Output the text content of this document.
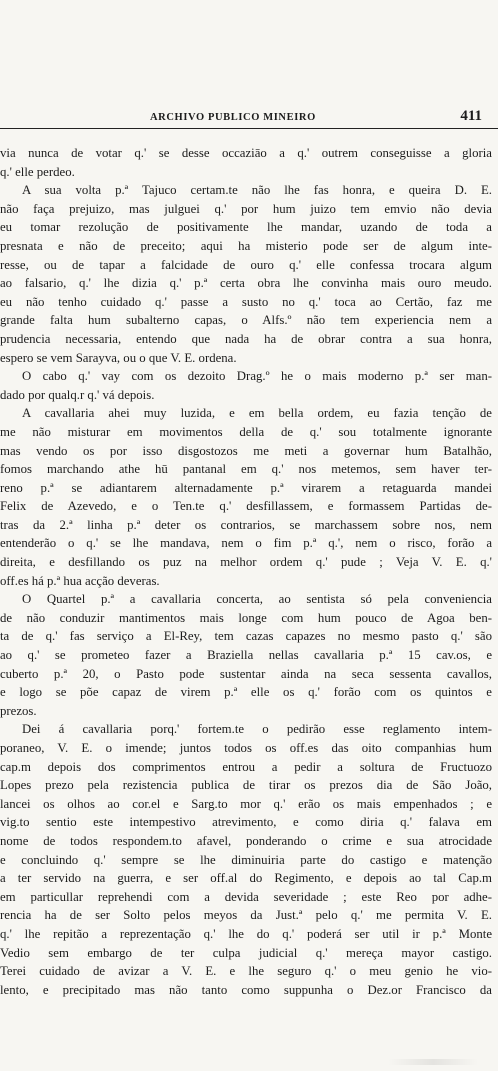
ARCHIVO PUBLICO MINEIRO	411
via nunca de votar q.' se desse occaziāo a q.' outrem conseguisse a gloria
q.' elle perdeo.
A sua volta p.ª Tajuco certam.te não lhe fas honra, e queira D. E.
não faça prejuizo, mas julguei q.' por hum juizo tem emvio não devia
eu tomar rezolução de positivamente lhe mandar, uzando de toda a
presnata e não de preceito; aqui ha misterio pode ser de algum inte-
resse, ou de tapar a falcidade de ouro q.' elle confessa trocara algum
ao falsario, q.' lhe dizia q.' p.ª certa obra lhe convinha mais ouro meudo.
eu não tenho cuidado q.' passe a susto no q.' toca ao Certão, faz me
grande falta hum subalterno capas, o Alfs.º não tem experiencia nem a
prudencia necessaria, entendo que nada ha de obrar contra a sua honra,
espero se vem Sarayva, ou o que V. E. ordena.
O cabo q.' vay com os dezoito Drag.º he o mais moderno p.ª ser man-
dado por qualq.r q.' vá depois.
A cavallaria ahei muy luzida, e em bella ordem, eu fazia tenção de
me não misturar em movimentos della de q.' sou totalmente ignorante
mas vendo os por isso disgostozos me meti a governar hum Batalhão,
fomos marchando athe hū pantanal em q.' nos metemos, sem haver ter-
reno p.ª se adiantarem alternadamente p.ª virarem a retaguarda mandei
Felix de Azevedo, e o Ten.te q.' desfillassem, e formassem Partidas de-
tras da 2.ª linha p.ª deter os contrarios, se marchassem sobre nos, nem
entenderão o q.' se lhe mandava, nem o fim p.ª q.', nem o risco, forão a
direita, e desfillando os puz na melhor ordem q.' pude ; Veja V. E. q.'
off.es há p.ª hua acção deveras.
O Quartel p.ª a cavallaria concerta, ao sentista só pela conveniencia
de não conduzir mantimentos mais longe com hum pouco de Agoa ben-
ta de q.' fas serviço a El-Rey, tem cazas capazes no mesmo pasto q.' são
ao q.' se prometeo fazer a Braziella nellas cavallaria p.ª 15 cav.os, e
cuberto p.ª 20, o Pasto pode sustentar ainda na seca sessenta cavallos,
e logo se põe capaz de virem p.ª elle os q.' forão com os quintos e
prezos.
Dei á cavallaria porq.' fortem.te o pedirão esse reglamento intem-
poraneo, V. E. o imende; juntos todos os off.es das oito companhias hum
cap.m depois dos comprimentos entrou a pedir a soltura de Fructuozo
Lopes prezo pela rezistencia publica de tirar os prezos dia de São João,
lancei os olhos ao cor.el e Sarg.to mor q.' erão os mais empenhados ; e
vig.to sentio este intempestivo atrevimento, e como diria q.' falava em
nome de todos respondem.to afavel, ponderando o crime e sua atrocidade
e concluindo q.' sempre se lhe diminuiria parte do castigo e matenção
a ter servido na guerra, e ser off.al do Regimento, e depois ao tal Cap.m
em particullar reprehendi com a devida severidade ; este Reo por adhe-
rencia ha de ser Solto pelos meyos da Just.ª pelo q.' me permita V. E.
q.' lhe repitão a reprezentação q.' lhe do q.' poderá ser util ir p.ª Monte
Vedio sem embargo de ter culpa judicial q.' mereça mayor castigo.
Terei cuidado de avizar a V. E. e lhe seguro q.' o meu genio he vio-
lento, e precipitado mas não tanto como suppunha o Dez.or Francisco da
